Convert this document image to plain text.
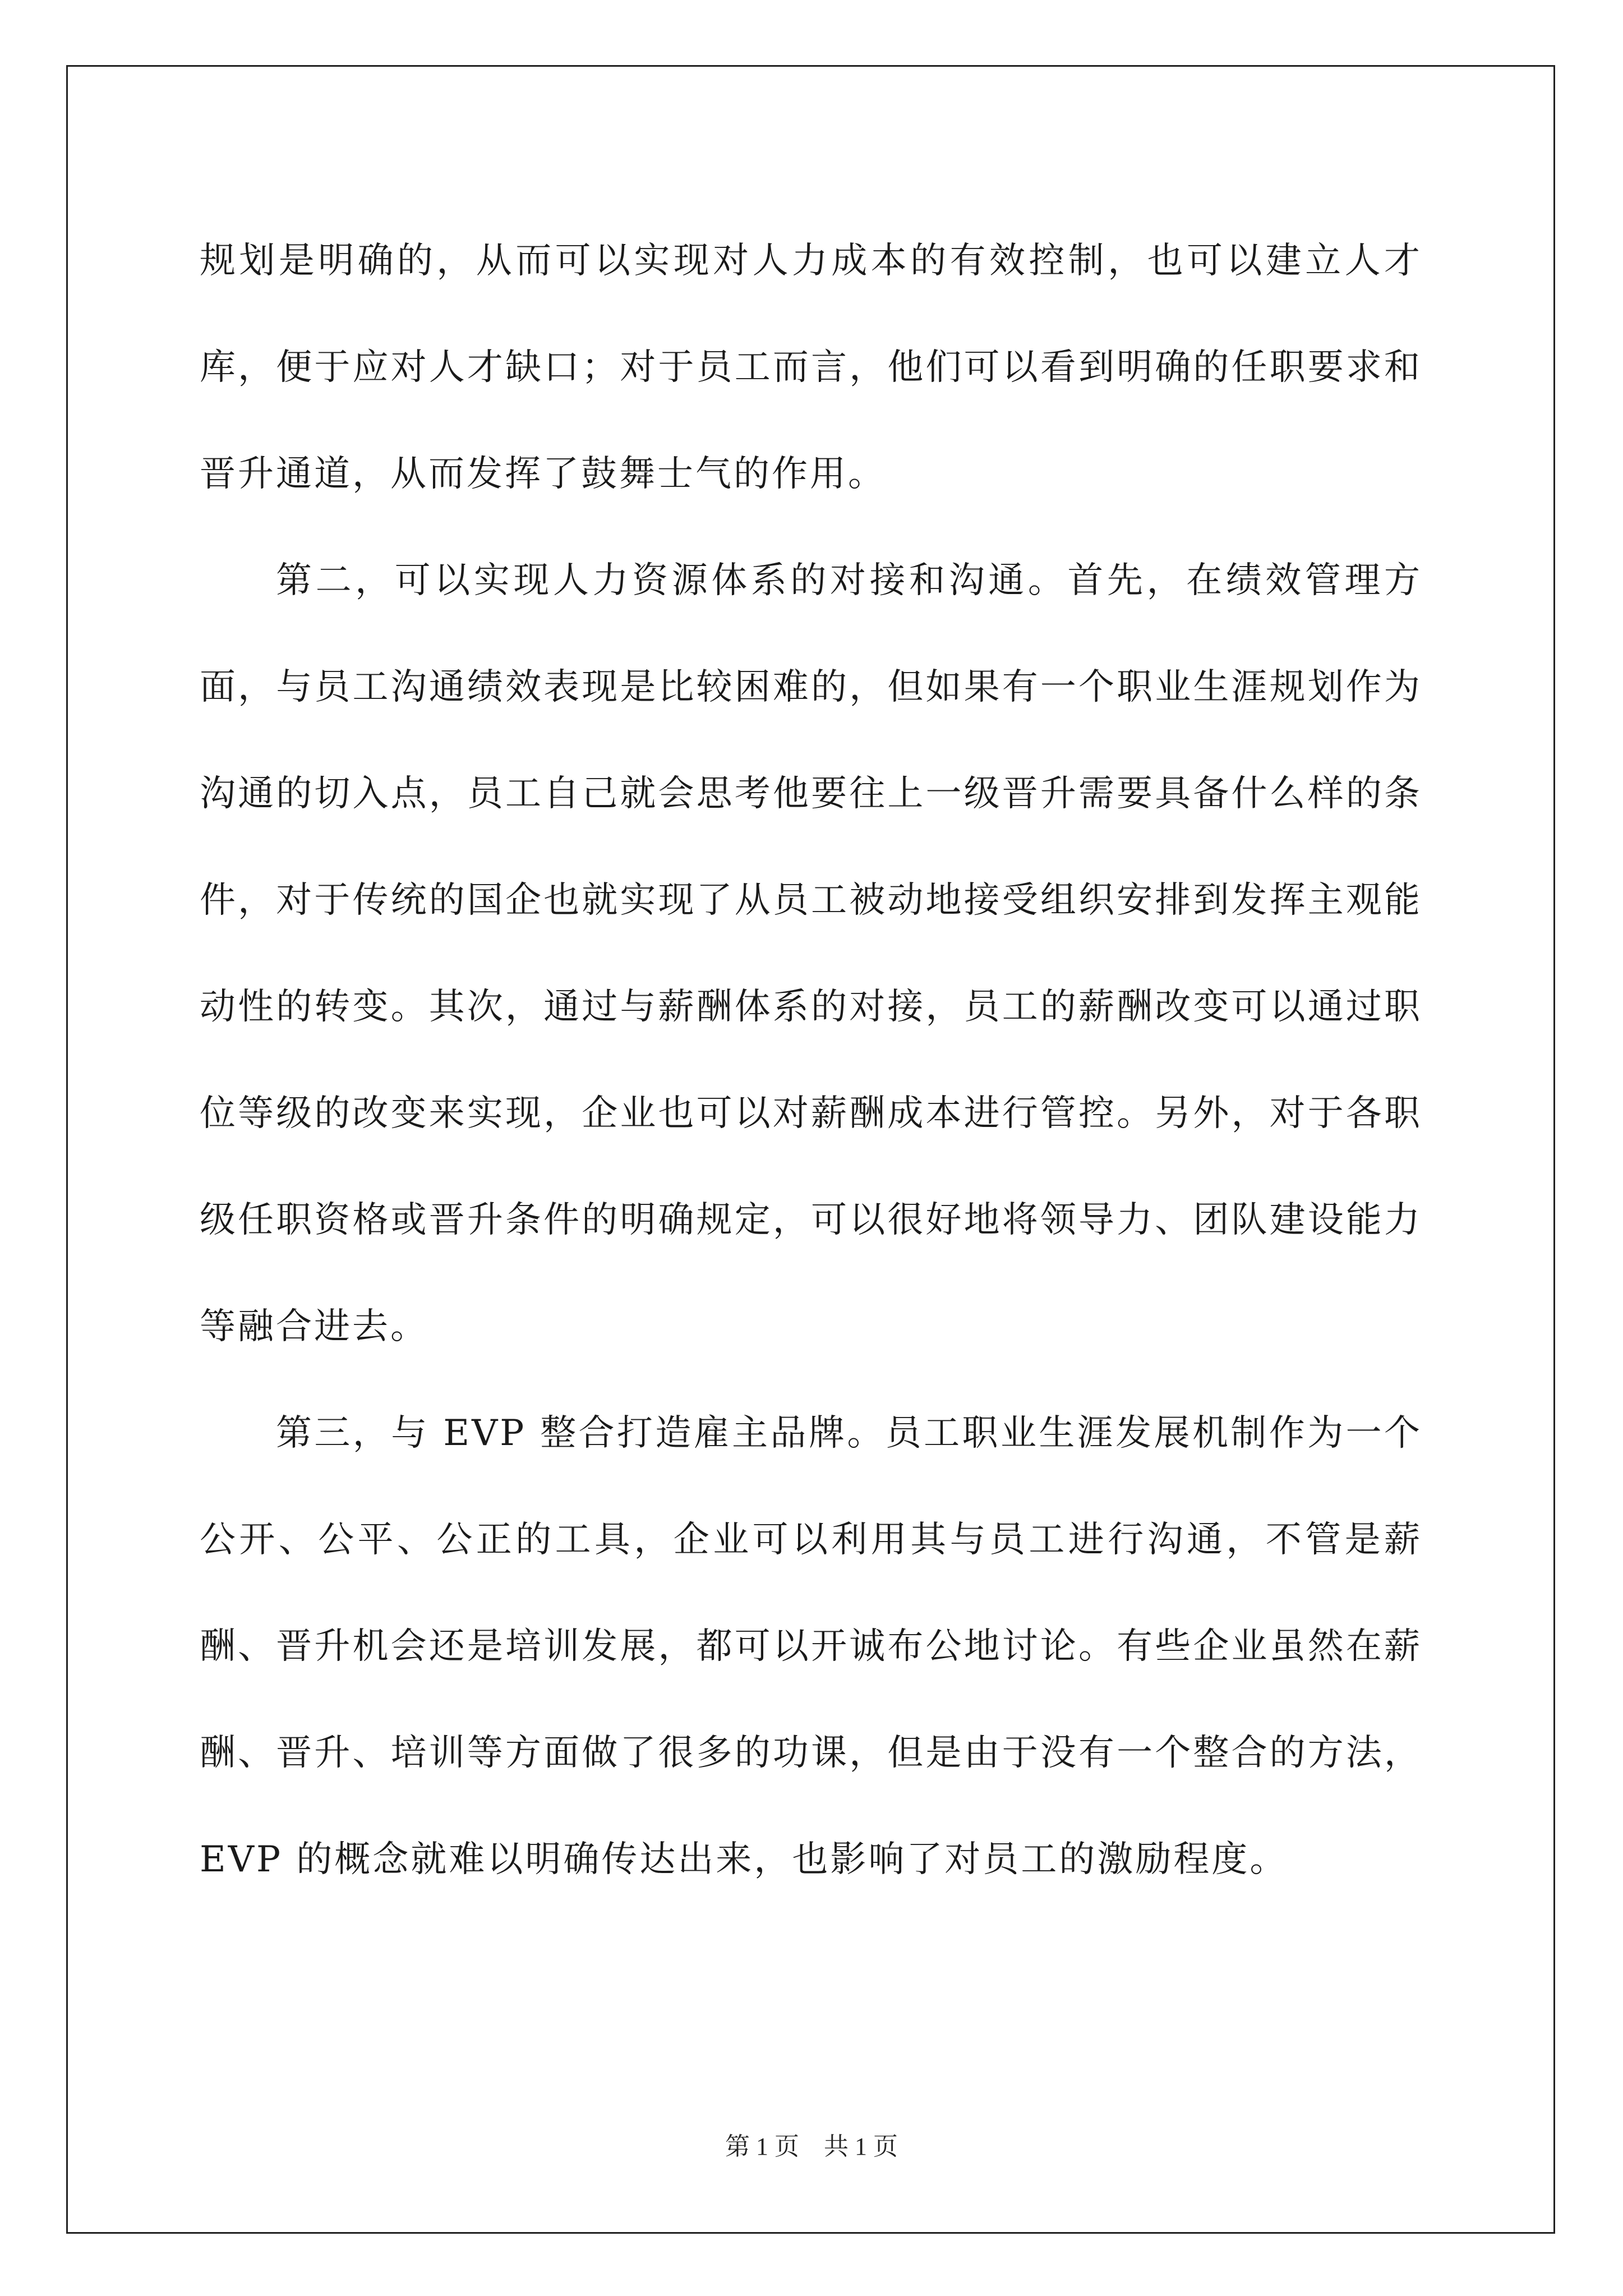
规划是明确的，从而可以实现对人力成本的有效控制，也可以建立人才库，便于应对人才缺口；对于员工而言，他们可以看到明确的任职要求和晋升通道，从而发挥了鼓舞士气的作用。

第二，可以实现人力资源体系的对接和沟通。首先，在绩效管理方面，与员工沟通绩效表现是比较困难的，但如果有一个职业生涯规划作为沟通的切入点，员工自己就会思考他要往上一级晋升需要具备什么样的条件，对于传统的国企也就实现了从员工被动地接受组织安排到发挥主观能动性的转变。其次，通过与薪酬体系的对接，员工的薪酬改变可以通过职位等级的改变来实现，企业也可以对薪酬成本进行管控。另外，对于各职级任职资格或晋升条件的明确规定，可以很好地将领导力、团队建设能力等融合进去。

第三，与 EVP 整合打造雇主品牌。员工职业生涯发展机制作为一个公开、公平、公正的工具，企业可以利用其与员工进行沟通，不管是薪酬、晋升机会还是培训发展，都可以开诚布公地讨论。有些企业虽然在薪酬、晋升、培训等方面做了很多的功课，但是由于没有一个整合的方法，EVP 的概念就难以明确传达出来，也影响了对员工的激励程度。

第 1 页    共 1 页
